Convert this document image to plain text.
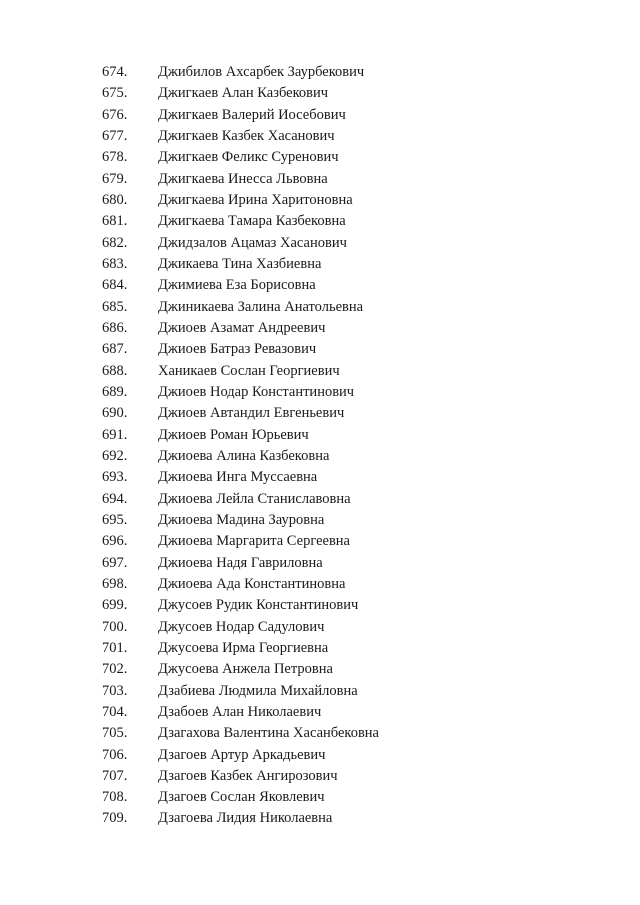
674. Джибилов Ахсарбек Заурбекович
675. Джигкаев Алан Казбекович
676. Джигкаев Валерий Иосебович
677. Джигкаев Казбек Хасанович
678. Джигкаев Феликс Суренович
679. Джигкаева Инесса Львовна
680. Джигкаева Ирина Харитоновна
681. Джигкаева Тамара Казбековна
682. Джидзалов Ацамаз Хасанович
683. Джикаева Тина Хазбиевна
684. Джимиева Еза Борисовна
685. Джиникаева Залина Анатольевна
686. Джиоев Азамат Андреевич
687. Джиоев Батраз Ревазович
688. Ханикаев Сослан Георгиевич
689. Джиоев Нодар Константинович
690. Джиоев Автандил Евгеньевич
691. Джиоев Роман Юрьевич
692. Джиоева Алина Казбековна
693. Джиоева Инга Муссаевна
694. Джиоева Лейла Станиславовна
695. Джиоева Мадина Зауровна
696. Джиоева Маргарита Сергеевна
697. Джиоева Надя Гавриловна
698. Джиоева Ада Константиновна
699. Джусоев Рудик Константинович
700. Джусоев Нодар Садулович
701. Джусоева Ирма Георгиевна
702. Джусоева Анжела Петровна
703. Дзабиева Людмила Михайловна
704. Дзабоев Алан Николаевич
705. Дзагахова Валентина Хасанбековна
706. Дзагоев Артур Аркадьевич
707. Дзагоев Казбек Ангирозович
708. Дзагоев Сослан Яковлевич
709. Дзагоева Лидия Николаевна
